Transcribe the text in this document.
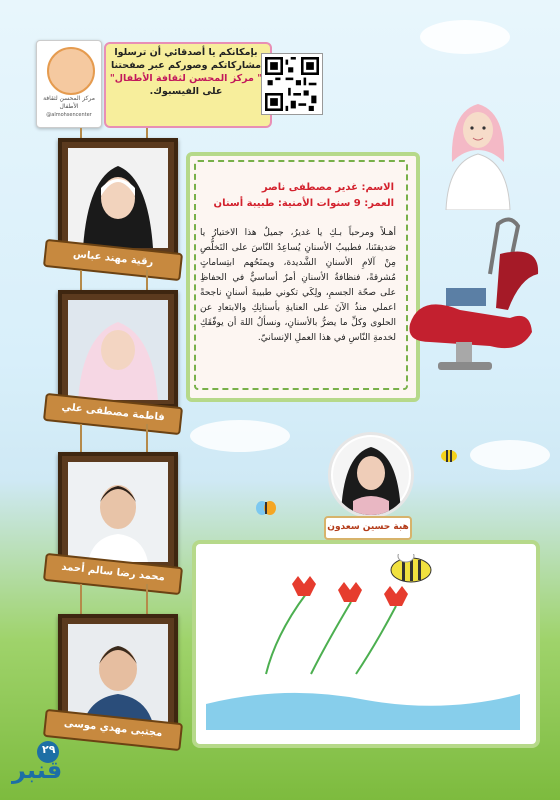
مركز المحسن لثقافة الأطفال
@almohsencenter
بإمكانكم يا أصدقائي أن ترسلوا
مشاركاتكم وصوركم عبر صفحتنا
" مركز المحسن لثقافة الأطفال"
على الفيسبوك.
رقية مهند عباس
فاطمة مصطفى علي
محمد رضا سالم أحمد
مجتبى مهدي موسى
الاسم: غدير مصطفى ناصر
العمر: 9 سنوات الأمنية: طبيبة أسنان
أهـلاً ومرحباً بـكِ يا غديرُ، جميلٌ هذا الاختيارُ يا صَديقتَنا، فطبيبُ الأسنانِ يُساعِدُ النّاسَ على التَخلُّصِ مِنْ آلامِ الأسنانِ الشَّديدة، ويمنَحُهم ابتِساماتٍ مُشرقةً، فنظافةُ الأسنانِ أمرٌ أساسيٌّ في الحفاظِ على صحّة الجسمِ، ولِكَي تكوني طبيبةَ أسنانٍ ناجحةً اعملي منذُ الآنَ على العنايةِ بأسنانِكِ والابتعادِ عن الحلوى وكلِّ ما يضرُّ بالأسنانِ، ونسألُ اللهَ أن يوفّقَكِ لخدمةِ النّاسِ في هذا العملِ الإنسانيّ.
هبة حسين سعدون
٢٩
قنبر
